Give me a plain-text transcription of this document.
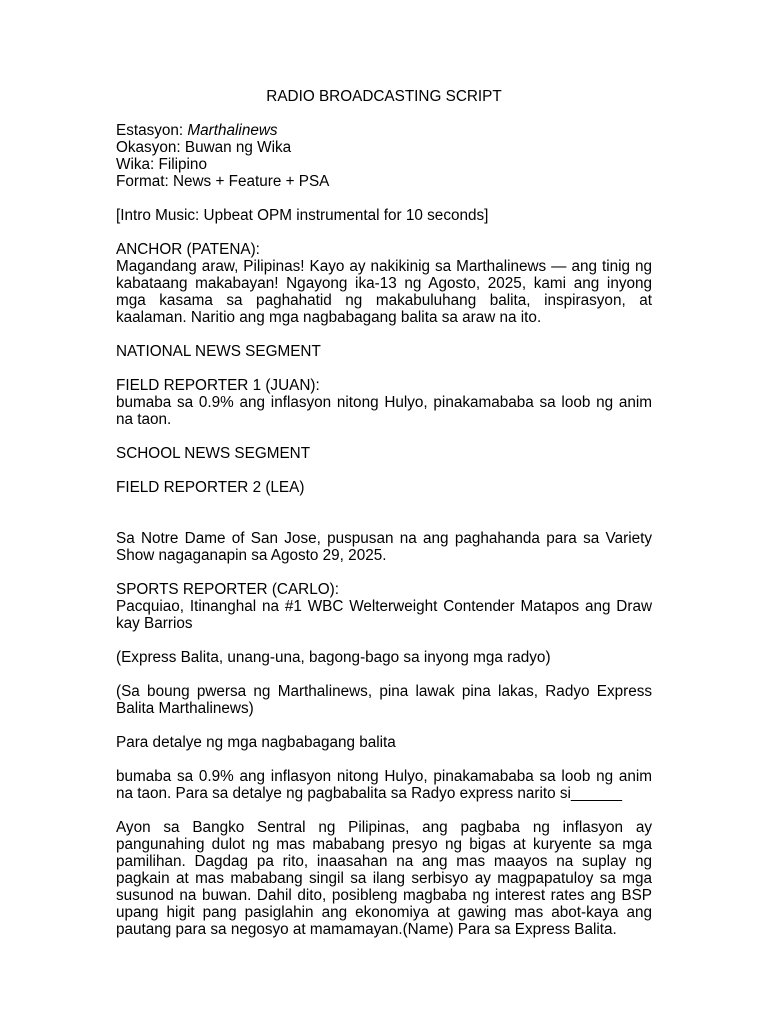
RADIO BROADCASTING SCRIPT
Estasyon: Marthalinews
Okasyon: Buwan ng Wika
Wika: Filipino
Format: News + Feature + PSA
[Intro Music: Upbeat OPM instrumental for 10 seconds]
ANCHOR (PATENA):
Magandang araw, Pilipinas! Kayo ay nakikinig sa Marthalinews — ang tinig ng kabataang makabayan! Ngayong ika-13 ng Agosto, 2025, kami ang inyong mga kasama sa paghahatid ng makabuluhang balita, inspirasyon, at kaalaman. Naritio ang mga nagbabagang balita sa araw na ito.
NATIONAL NEWS SEGMENT
FIELD REPORTER 1 (JUAN):
bumaba sa 0.9% ang inflasyon nitong Hulyo, pinakamababa sa loob ng anim na taon.
SCHOOL NEWS SEGMENT
FIELD REPORTER 2 (LEA)
Sa Notre Dame of San Jose, puspusan na ang paghahanda para sa Variety Show nagaganapin sa Agosto 29, 2025.
SPORTS REPORTER (CARLO):
Pacquiao, Itinanghal na #1 WBC Welterweight Contender Matapos ang Draw kay Barrios
(Express Balita, unang-una, bagong-bago sa inyong mga radyo)
(Sa boung pwersa ng Marthalinews, pina lawak pina lakas, Radyo Express Balita Marthalinews)
Para detalye ng mga nagbabagang balita
bumaba sa 0.9% ang inflasyon nitong Hulyo, pinakamababa sa loob ng anim na taon. Para sa detalye ng pagbabalita sa Radyo express narito si______
Ayon sa Bangko Sentral ng Pilipinas, ang pagbaba ng inflasyon ay pangunahing dulot ng mas mababang presyo ng bigas at kuryente sa mga pamilihan. Dagdag pa rito, inaasahan na ang mas maayos na suplay ng pagkain at mas mababang singil sa ilang serbisyo ay magpapatuloy sa mga susunod na buwan. Dahil dito, posibleng magbaba ng interest rates ang BSP upang higit pang pasiglahin ang ekonomiya at gawing mas abot-kaya ang pautang para sa negosyo at mamamayan.(Name) Para sa Express Balita.
